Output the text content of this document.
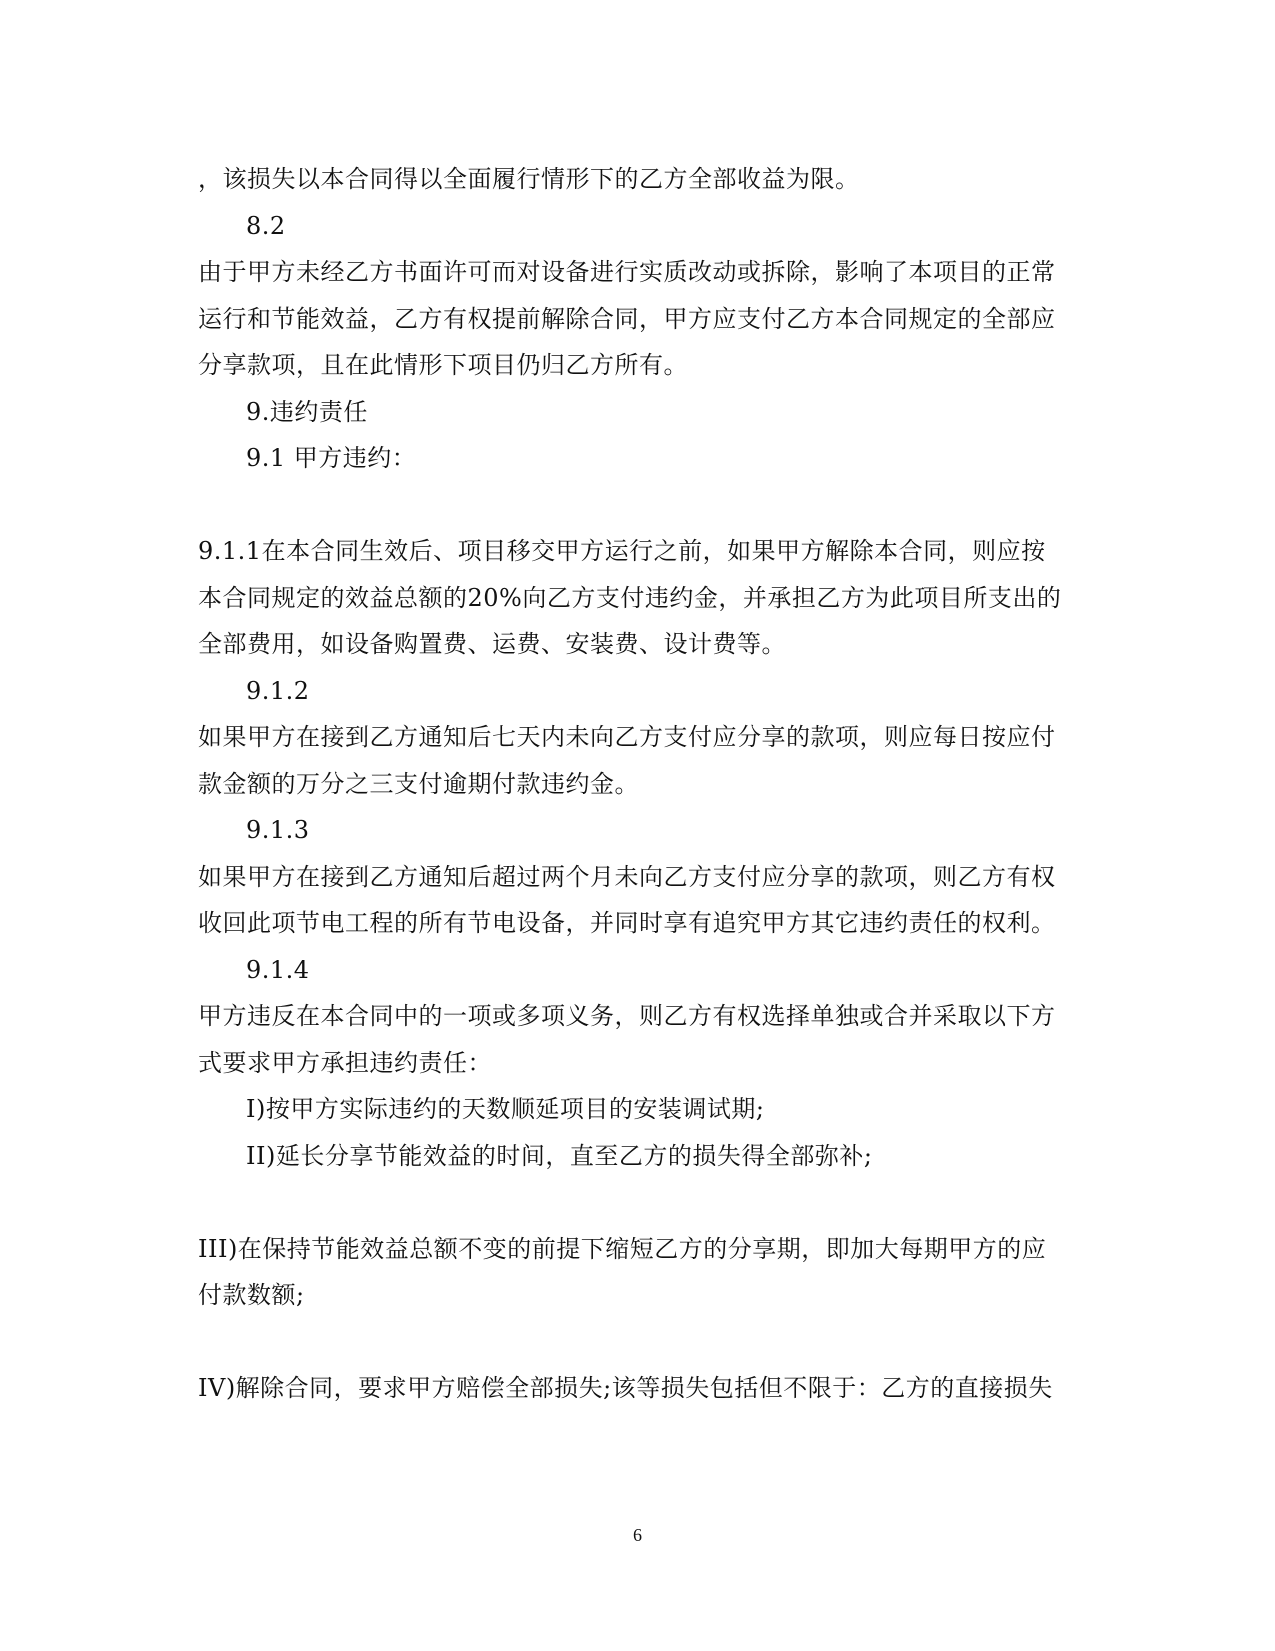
，该损失以本合同得以全面履行情形下的乙方全部收益为限。
8.2
由于甲方未经乙方书面许可而对设备进行实质改动或拆除，影响了本项目的正常
运行和节能效益，乙方有权提前解除合同，甲方应支付乙方本合同规定的全部应
分享款项，且在此情形下项目仍归乙方所有。
9.违约责任
9.1 甲方违约：
9.1.1在本合同生效后、项目移交甲方运行之前，如果甲方解除本合同，则应按
本合同规定的效益总额的20%向乙方支付违约金，并承担乙方为此项目所支出的
全部费用，如设备购置费、运费、安装费、设计费等。
9.1.2
如果甲方在接到乙方通知后七天内未向乙方支付应分享的款项，则应每日按应付
款金额的万分之三支付逾期付款违约金。
9.1.3
如果甲方在接到乙方通知后超过两个月未向乙方支付应分享的款项，则乙方有权
收回此项节电工程的所有节电设备，并同时享有追究甲方其它违约责任的权利。
9.1.4
甲方违反在本合同中的一项或多项义务，则乙方有权选择单独或合并采取以下方
式要求甲方承担违约责任：
I)按甲方实际违约的天数顺延项目的安装调试期;
II)延长分享节能效益的时间，直至乙方的损失得全部弥补;
III)在保持节能效益总额不变的前提下缩短乙方的分享期，即加大每期甲方的应
付款数额;
IV)解除合同，要求甲方赔偿全部损失;该等损失包括但不限于：乙方的直接损失
6
